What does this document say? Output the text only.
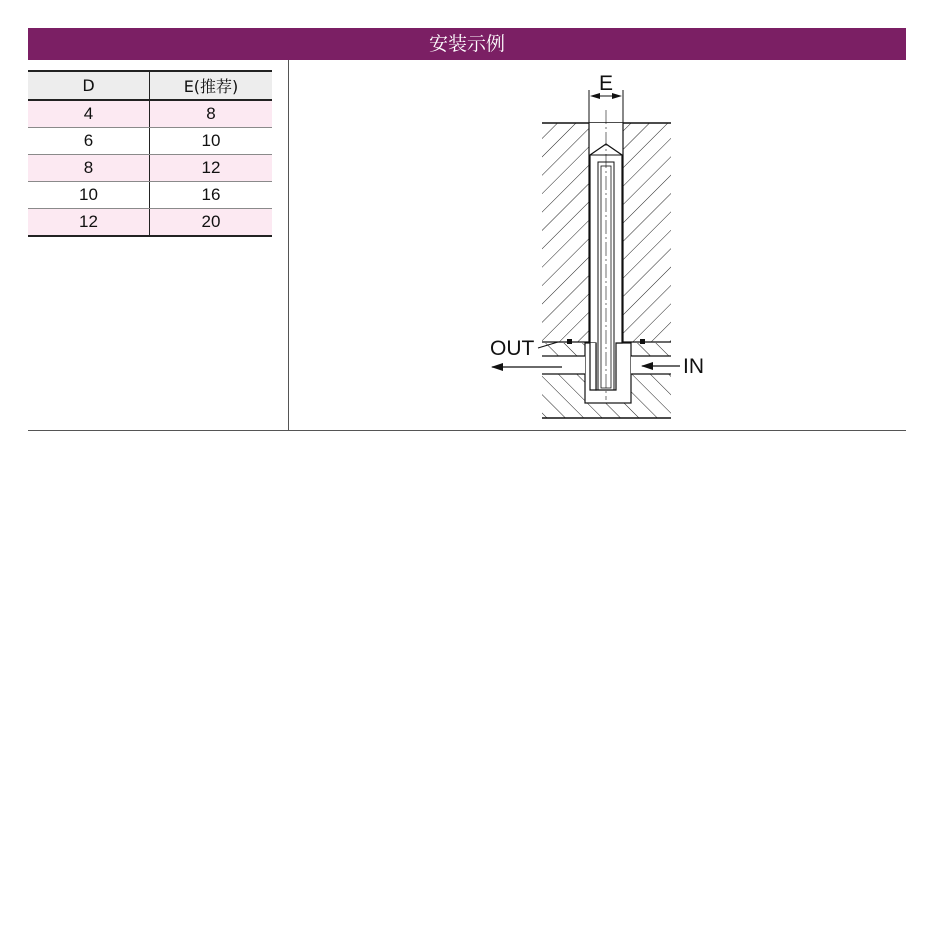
安装示例
D	E(推荐)
4	8
6	10
8	12
10	16
12	20
E
OUT
IN
